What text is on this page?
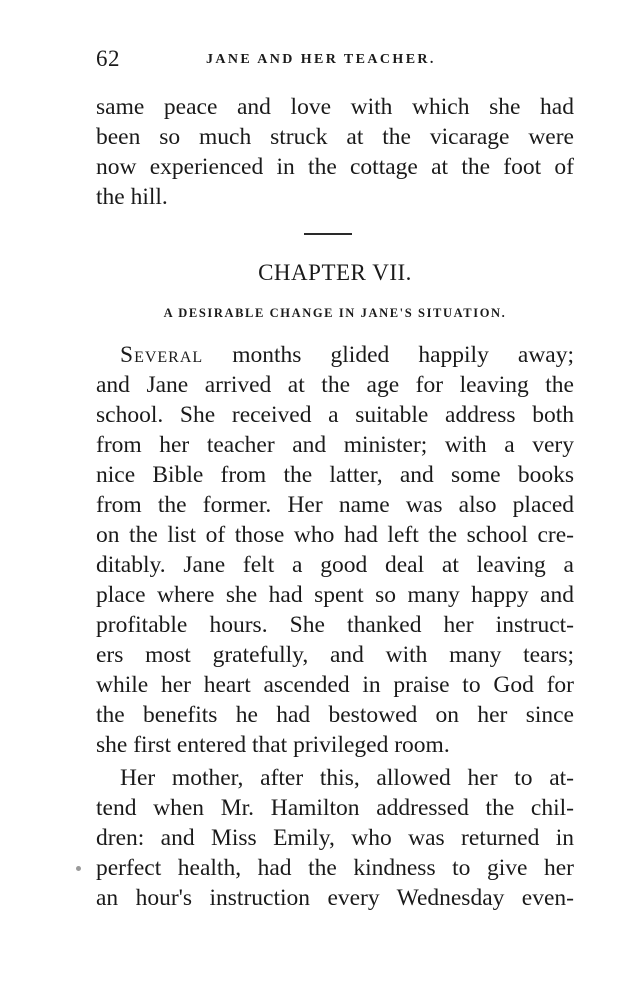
62	JANE AND HER TEACHER.
same peace and love with which she had
been so much struck at the vicarage were
now experienced in the cottage at the foot of
the hill.
CHAPTER VII.
A DESIRABLE CHANGE IN JANE'S SITUATION.
Several months glided happily away;
and Jane arrived at the age for leaving the
school. She received a suitable address both
from her teacher and minister; with a very
nice Bible from the latter, and some books
from the former. Her name was also placed
on the list of those who had left the school cre-
ditably. Jane felt a good deal at leaving a
place where she had spent so many happy and
profitable hours. She thanked her instruct-
ers most gratefully, and with many tears;
while her heart ascended in praise to God for
the benefits he had bestowed on her since
she first entered that privileged room.
Her mother, after this, allowed her to at-
tend when Mr. Hamilton addressed the chil-
dren: and Miss Emily, who was returned in
perfect health, had the kindness to give her
an hour's instruction every Wednesday even-
